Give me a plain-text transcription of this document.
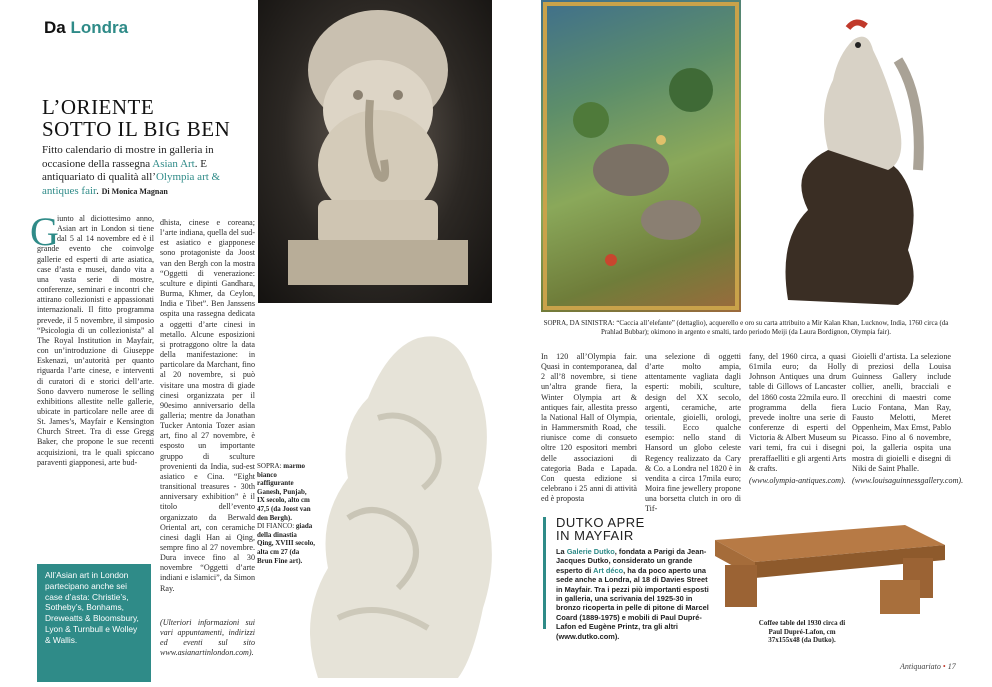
Da Londra
L’ORIENTE
SOTTO IL BIG BEN
Fitto calendario di mostre in galleria in occasione della rassegna Asian Art. E antiquariato di qualità all’Olympia art & antiques fair. Di Monica Magnan
G
iunto al diciottesimo anno, Asian art in London si tiene dal 5 al 14 novembre ed è il grande evento che coinvolge gallerie ed esperti di arte asiatica, case d’asta e musei, dando vita a una vasta serie di mostre, conferenze, seminari e incontri che attirano collezionisti e appassionati internazionali. Il fitto programma prevede, il 5 novembre, il simposio “Psicologia di un collezionista” al The Royal Institution in Mayfair, con un’introduzione di Giuseppe Eskenazi, un’autorità per quanto riguarda l’arte cinese, e interventi di curatori di e storici dell’arte. Sono davvero numerose le selling exhibitions allestite nelle gallerie, ubicate in particolare nelle aree di St. James’s, Mayfair e Kensington Church Street. Tra di esse Gregg Baker, che propone le sue recenti acquisizioni, tra le quali spiccano paraventi giapponesi, arte bud-
dhista, cinese e coreana; l’arte indiana, quella del sud-est asiatico e giapponese sono protagoniste da Joost van den Bergh con la mostra “Oggetti di venerazione: sculture e dipinti Gandhara, Burma, Khmer, da Ceylon, India e Tibet”. Ben Janssens ospita una rassegna dedicata a oggetti d’arte cinesi in metallo. Alcune esposizioni si protraggono oltre la data della manifestazione: in particolare da Marchant, fino al 20 novembre, si può visitare una mostra di giade cinesi organizzata per il 90esimo anniversario della galleria; mentre da Jonathan Tucker Antonia Tozer asian art, fino al 27 novembre, è esposto un importante gruppo di sculture provenienti da India, sud-est asiatico e Cina. “Eight transitional treasures - 30th anniversary exhibition” è il titolo dell’evento organizzato da Berwald Oriental art, con ceramiche cinesi dagli Han ai Qing, sempre fino al 27 novembre. Dura invece fino al 30 novembre “Oggetti d’arte indiani e islamici”, da Simon Ray.
(Ulteriori informazioni sui vari appuntamenti, indirizzi ed eventi sul sito www.asianartinlondon.com).
All’Asian art in London partecipano anche sei case d’asta: Christie’s, Sotheby’s, Bonhams, Dreweatts & Bloomsbury, Lyon & Turnbull e Wolley & Wallis.
SOPRA: marmo bianco raffigurante Ganesh, Punjab, IX secolo, alto cm 47,5 (da Joost van den Bergh).
DI FIANCO: giada della dinastia Qing, XVIII secolo, alta cm 27 (da Brun Fine art).
SOPRA, DA SINISTRA: “Caccia all’elefante” (dettaglio), acquerello e oro su carta attribuito a Mir Kalan Khan, Lucknow, India, 1760 circa (da Prahlad Bubbar); okimono in argento e smalti, tardo periodo Meiji (da Laura Bordignon, Olympia fair).
In 120 all’Olympia fair. Quasi in contemporanea, dal 2 all’8 novembre, si tiene un’altra grande fiera, la Winter Olympia art & antiques fair, allestita presso la National Hall of Olympia, in Hammersmith Road, che riunisce come di consueto oltre 120 espositori membri delle associazioni di categoria Bada e Lapada. Con questa edizione si celebrano i 25 anni di attività ed è proposta
una selezione di oggetti d’arte molto ampia, attentamente vagliata dagli esperti: mobili, sculture, design del XX secolo, argenti, ceramiche, arte orientale, gioielli, orologi, tessili. Ecco qualche esempio: nello stand di Hansord un globo celeste Regency realizzato da Cary & Co. a Londra nel 1820 è in vendita a circa 17mila euro; Moira fine jewellery propone una borsetta clutch in oro di Tif-
fany, del 1960 circa, a quasi 61mila euro; da Holly Johnson Antiques una drum table di Gillows of Lancaster del 1860 costa 22mila euro. Il programma della fiera prevede inoltre una serie di conferenze di esperti del Victoria & Albert Museum su vari temi, fra cui i disegni preraffaelliti e gli argenti Arts & crafts.
(www.olympia-antiques.com).
Gioielli d’artista. La selezione di preziosi della Louisa Guinness Gallery include collier, anelli, bracciali e orecchini di maestri come Lucio Fontana, Man Ray, Fausto Melotti, Meret Oppenheim, Max Ernst, Pablo Picasso. Fino al 6 novembre, poi, la galleria ospita una mostra di gioielli e disegni di Niki de Saint Phalle.
(www.louisaguinnessgallery.com).
DUTKO APRE
IN MAYFAIR
La Galerie Dutko, fondata a Parigi da Jean-Jacques Dutko, considerato un grande esperto di Art déco, ha da poco aperto una sede anche a Londra, al 18 di Davies Street in Mayfair. Tra i pezzi più importanti esposti in galleria, una scrivania del 1925-30 in bronzo ricoperta in pelle di pitone di Marcel Coard (1889-1975) e mobili di Paul Dupré-Lafon ed Eugène Printz, tra gli altri (www.dutko.com).
Coffee table del 1930 circa di Paul Dupré-Lafon, cm 37x155x48 (da Dutko).
Antiquariato • 17
